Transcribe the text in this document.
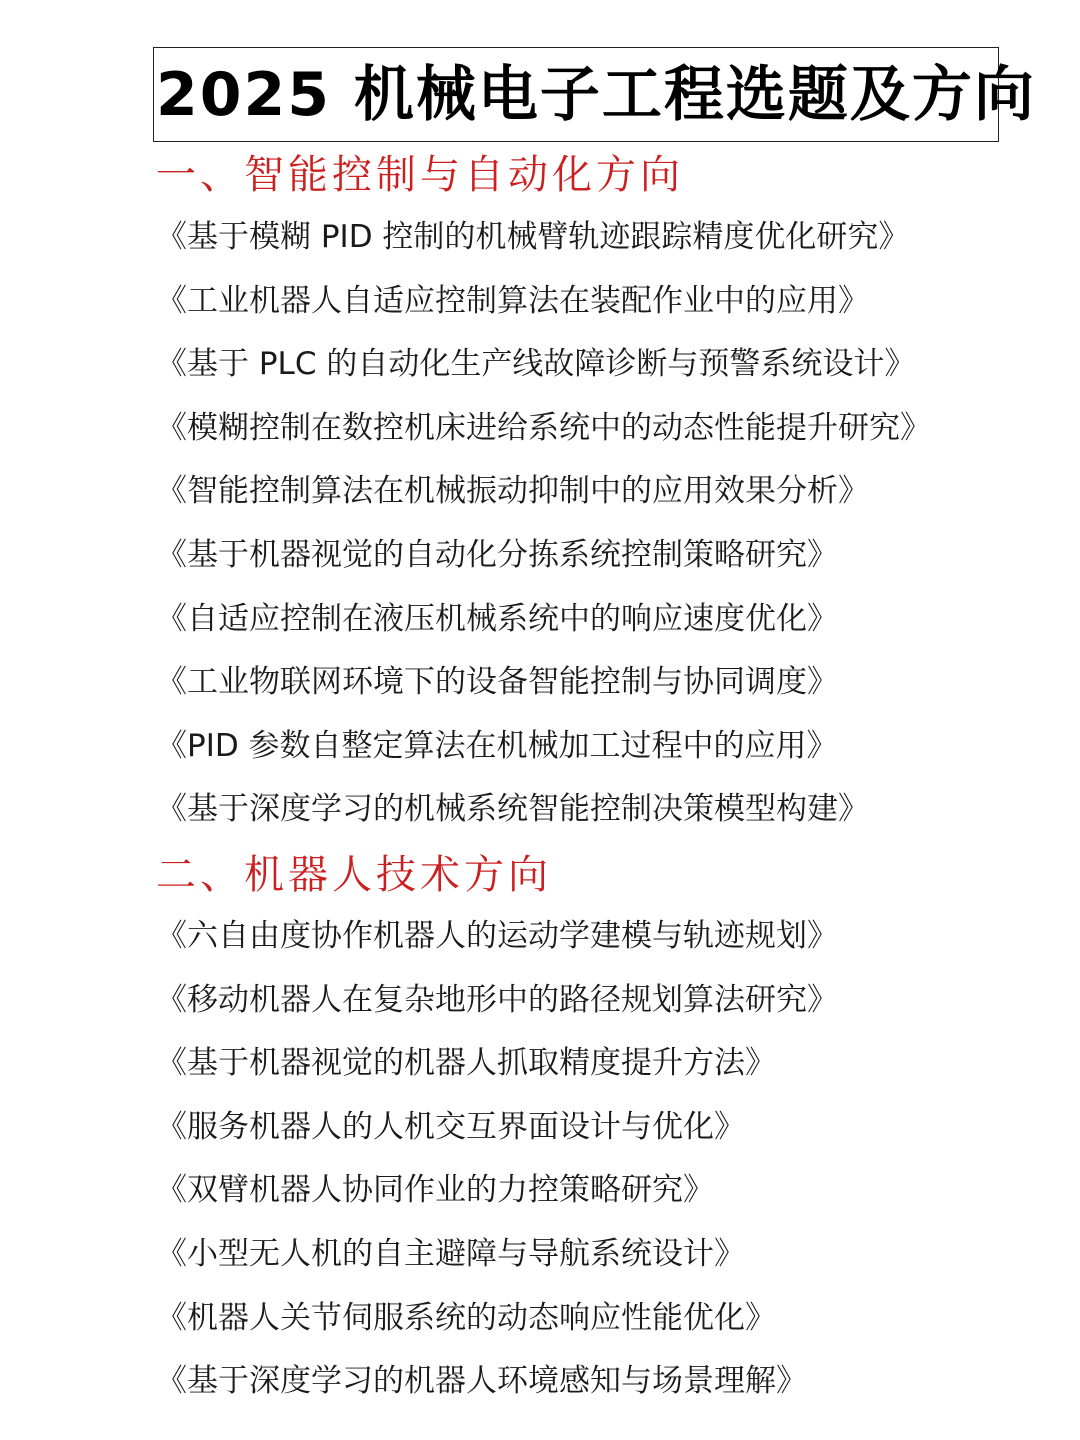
2025 机械电子工程选题及方向
一、智能控制与自动化方向
《基于模糊 PID 控制的机械臂轨迹跟踪精度优化研究》
《工业机器人自适应控制算法在装配作业中的应用》
《基于 PLC 的自动化生产线故障诊断与预警系统设计》
《模糊控制在数控机床进给系统中的动态性能提升研究》
《智能控制算法在机械振动抑制中的应用效果分析》
《基于机器视觉的自动化分拣系统控制策略研究》
《自适应控制在液压机械系统中的响应速度优化》
《工业物联网环境下的设备智能控制与协同调度》
《PID 参数自整定算法在机械加工过程中的应用》
《基于深度学习的机械系统智能控制决策模型构建》
二、机器人技术方向
《六自由度协作机器人的运动学建模与轨迹规划》
《移动机器人在复杂地形中的路径规划算法研究》
《基于机器视觉的机器人抓取精度提升方法》
《服务机器人的人机交互界面设计与优化》
《双臂机器人协同作业的力控策略研究》
《小型无人机的自主避障与导航系统设计》
《机器人关节伺服系统的动态响应性能优化》
《基于深度学习的机器人环境感知与场景理解》
